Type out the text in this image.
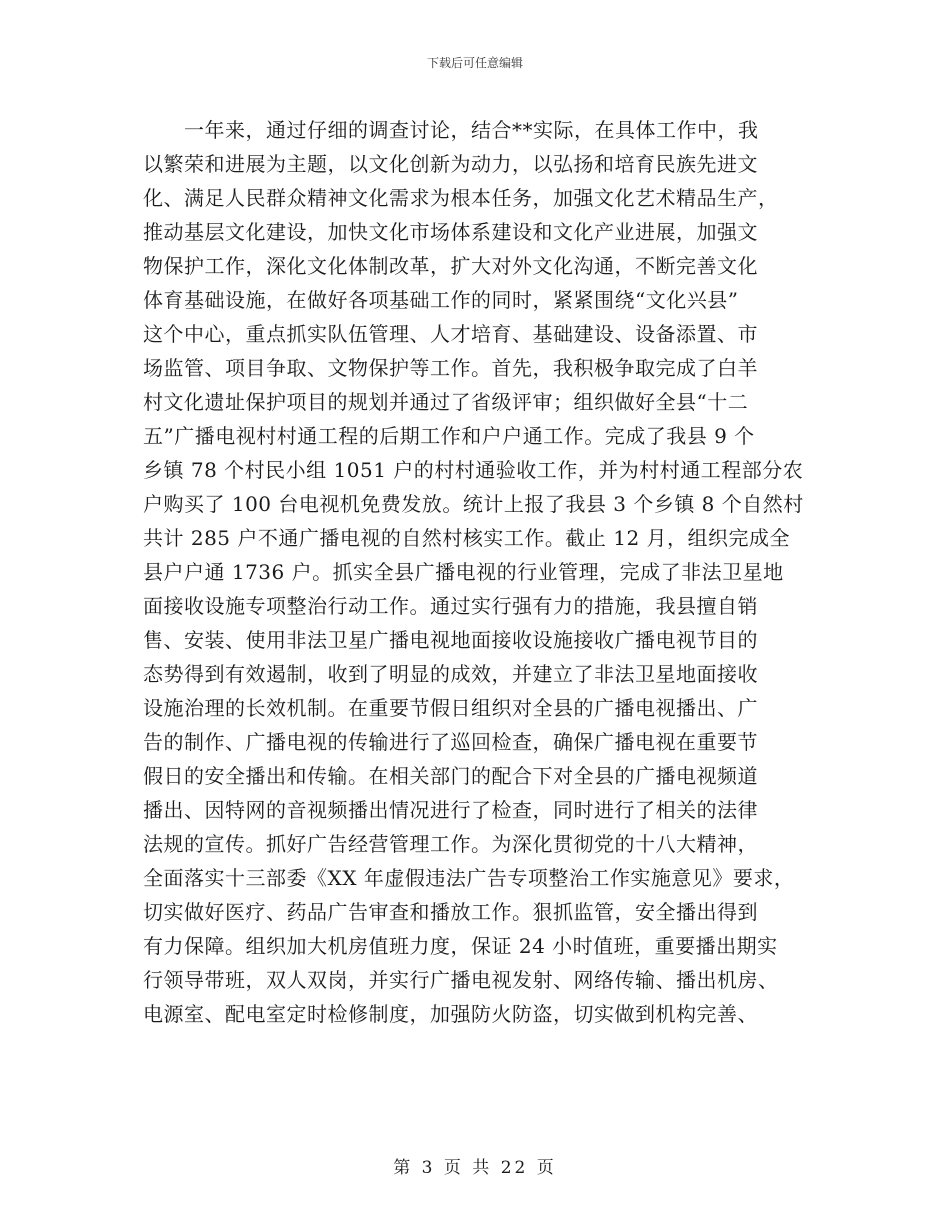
下载后可任意编辑
　　一年来，通过仔细的调查讨论，结合**实际，在具体工作中，我
以繁荣和进展为主题，以文化创新为动力，以弘扬和培育民族先进文
化、满足人民群众精神文化需求为根本任务，加强文化艺术精品生产，
推动基层文化建设，加快文化市场体系建设和文化产业进展，加强文
物保护工作，深化文化体制改革，扩大对外文化沟通，不断完善文化
体育基础设施，在做好各项基础工作的同时，紧紧围绕“文化兴县”
这个中心，重点抓实队伍管理、人才培育、基础建设、设备添置、市
场监管、项目争取、文物保护等工作。首先，我积极争取完成了白羊
村文化遗址保护项目的规划并通过了省级评审；组织做好全县“十二
五”广播电视村村通工程的后期工作和户户通工作。完成了我县 9 个
乡镇 78 个村民小组 1051 户的村村通验收工作，并为村村通工程部分农
户购买了 100 台电视机免费发放。统计上报了我县 3 个乡镇 8 个自然村
共计 285 户不通广播电视的自然村核实工作。截止 12 月，组织完成全
县户户通 1736 户。抓实全县广播电视的行业管理，完成了非法卫星地
面接收设施专项整治行动工作。通过实行强有力的措施，我县擅自销
售、安装、使用非法卫星广播电视地面接收设施接收广播电视节目的
态势得到有效遏制，收到了明显的成效，并建立了非法卫星地面接收
设施治理的长效机制。在重要节假日组织对全县的广播电视播出、广
告的制作、广播电视的传输进行了巡回检查，确保广播电视在重要节
假日的安全播出和传输。在相关部门的配合下对全县的广播电视频道
播出、因特网的音视频播出情况进行了检查，同时进行了相关的法律
法规的宣传。抓好广告经营管理工作。为深化贯彻党的十八大精神，
全面落实十三部委《XX 年虚假违法广告专项整治工作实施意见》要求，
切实做好医疗、药品广告审查和播放工作。狠抓监管，安全播出得到
有力保障。组织加大机房值班力度，保证 24 小时值班，重要播出期实
行领导带班，双人双岗，并实行广播电视发射、网络传输、播出机房、
电源室、配电室定时检修制度，加强防火防盗，切实做到机构完善、
第 3 页 共 22 页
